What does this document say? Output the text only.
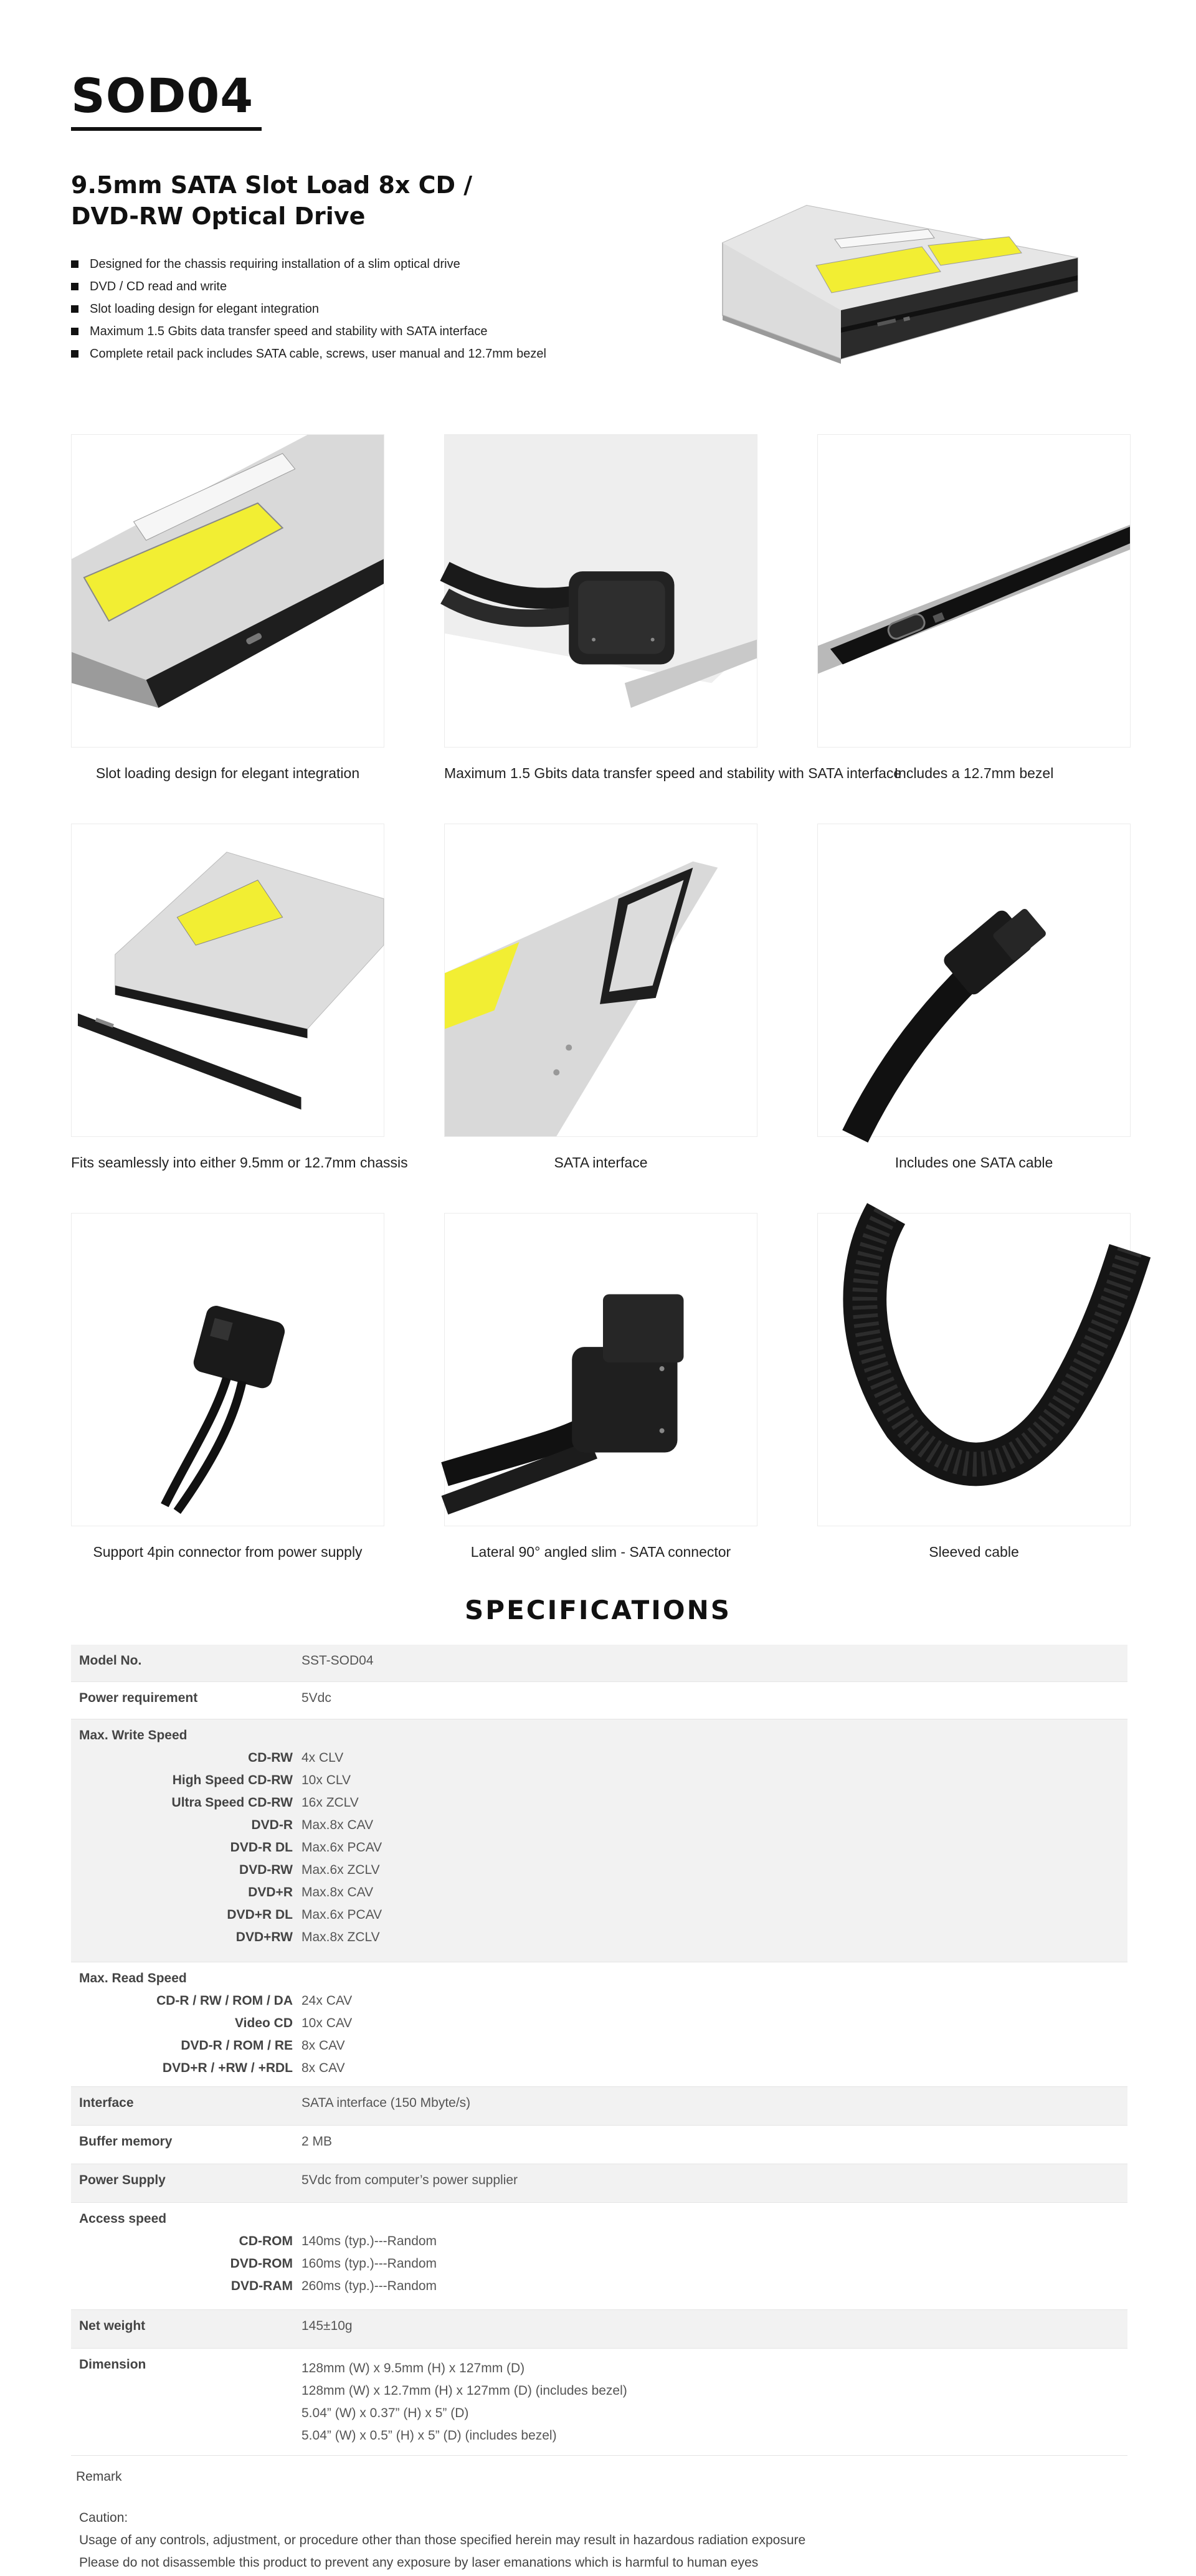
SOD04
9.5mm SATA Slot Load 8x CD /
DVD-RW Optical Drive
Designed for the chassis requiring installation of a slim optical drive
DVD / CD read and write
Slot loading design for elegant integration
Maximum 1.5 Gbits data transfer speed and stability with SATA interface
Complete retail pack includes SATA cable, screws, user manual and 12.7mm bezel
Slot loading design for elegant integration	Maximum 1.5 Gbits data transfer speed and stability with SATA interface
Includes a 12.7mm bezel
Fits seamlessly into either 9.5mm or 12.7mm chassis	SATA interface	Includes one SATA cable
Support 4pin connector from power supply	Lateral 90° angled slim - SATA connector	Sleeved cable
SPECIFICATIONS
Model No.	SST-SOD04
Power requirement	5Vdc
Max. Write Speed
CD-RW 4x CLV
High Speed CD-RW 10x CLV
Ultra Speed CD-RW 16x ZCLV
DVD-R Max.8x CAV
DVD-R DL Max.6x PCAV
DVD-RW Max.6x ZCLV
DVD+R Max.8x CAV
DVD+R DL Max.6x PCAV
DVD+RW Max.8x ZCLV
Max. Read Speed
CD-R / RW / ROM / DA 24x CAV
Video CD 10x CAV
DVD-R / ROM / RE 8x CAV
DVD+R / +RW / +RDL 8x CAV
Interface	SATA interface (150 Mbyte/s)
Buffer memory	2 MB
Power Supply	5Vdc from computer’s power supplier
Access speed
CD-ROM 140ms (typ.)---Random
DVD-ROM 160ms (typ.)---Random
DVD-RAM 260ms (typ.)---Random
Net weight	145±10g
Dimension	128mm (W) x 9.5mm (H) x 127mm (D)
128mm (W) x 12.7mm (H) x 127mm (D) (includes bezel)
5.04” (W) x 0.37” (H) x 5” (D)
5.04” (W) x 0.5” (H) x 5” (D) (includes bezel)
Remark
Caution:
Usage of any controls, adjustment, or procedure other than those specified herein may result in hazardous radiation exposure
Please do not disassemble this product to prevent any exposure by laser emanations which is harmful to human eyes
